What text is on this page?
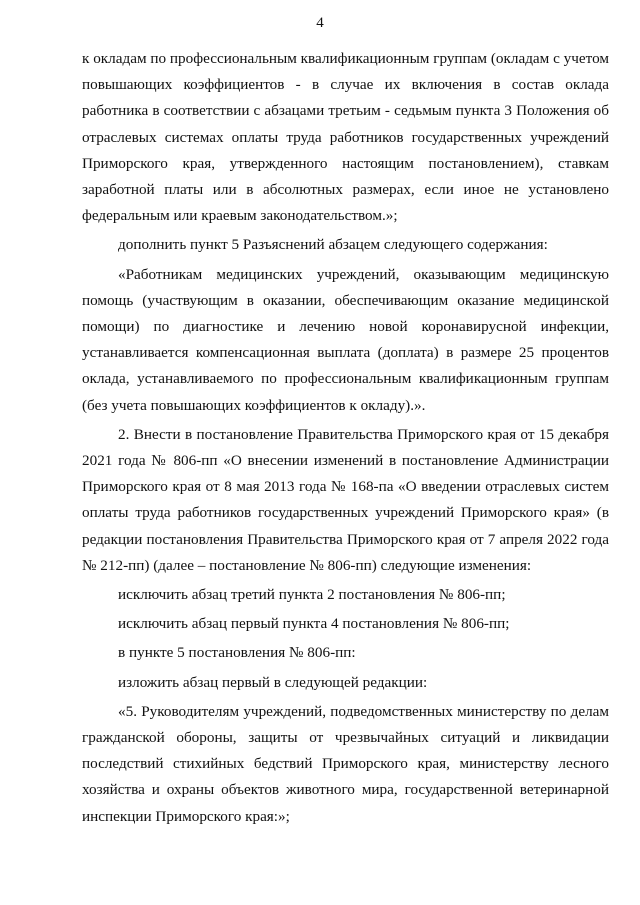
4

к окладам по профессиональным квалификационным группам (окладам с учетом повышающих коэффициентов - в случае их включения в состав оклада работника в соответствии с абзацами третьим - седьмым пункта 3 Положения об отраслевых системах оплаты труда работников государственных учреждений Приморского края, утвержденного настоящим постановлением), ставкам заработной платы или в абсолютных размерах, если иное не установлено федеральным или краевым законодательством.»;

дополнить пункт 5 Разъяснений абзацем следующего содержания:

«Работникам медицинских учреждений, оказывающим медицинскую помощь (участвующим в оказании, обеспечивающим оказание медицинской помощи) по диагностике и лечению новой коронавирусной инфекции, устанавливается компенсационная выплата (доплата) в размере 25 процентов оклада, устанавливаемого по профессиональным квалификационным группам (без учета повышающих коэффициентов к окладу).».

2. Внести в постановление Правительства Приморского края от 15 декабря 2021 года № 806-пп «О внесении изменений в постановление Администрации Приморского края от 8 мая 2013 года № 168-па «О введении отраслевых систем оплаты труда работников государственных учреждений Приморского края» (в редакции постановления Правительства Приморского края от 7 апреля 2022 года № 212-пп) (далее – постановление № 806-пп) следующие изменения:

исключить абзац третий пункта 2 постановления № 806-пп;

исключить абзац первый пункта 4 постановления № 806-пп;

в пункте 5 постановления № 806-пп:

изложить абзац первый в следующей редакции:

«5. Руководителям учреждений, подведомственных министерству по делам гражданской обороны, защиты от чрезвычайных ситуаций и ликвидации последствий стихийных бедствий Приморского края, министерству лесного хозяйства и охраны объектов животного мира, государственной ветеринарной инспекции Приморского края:»;
